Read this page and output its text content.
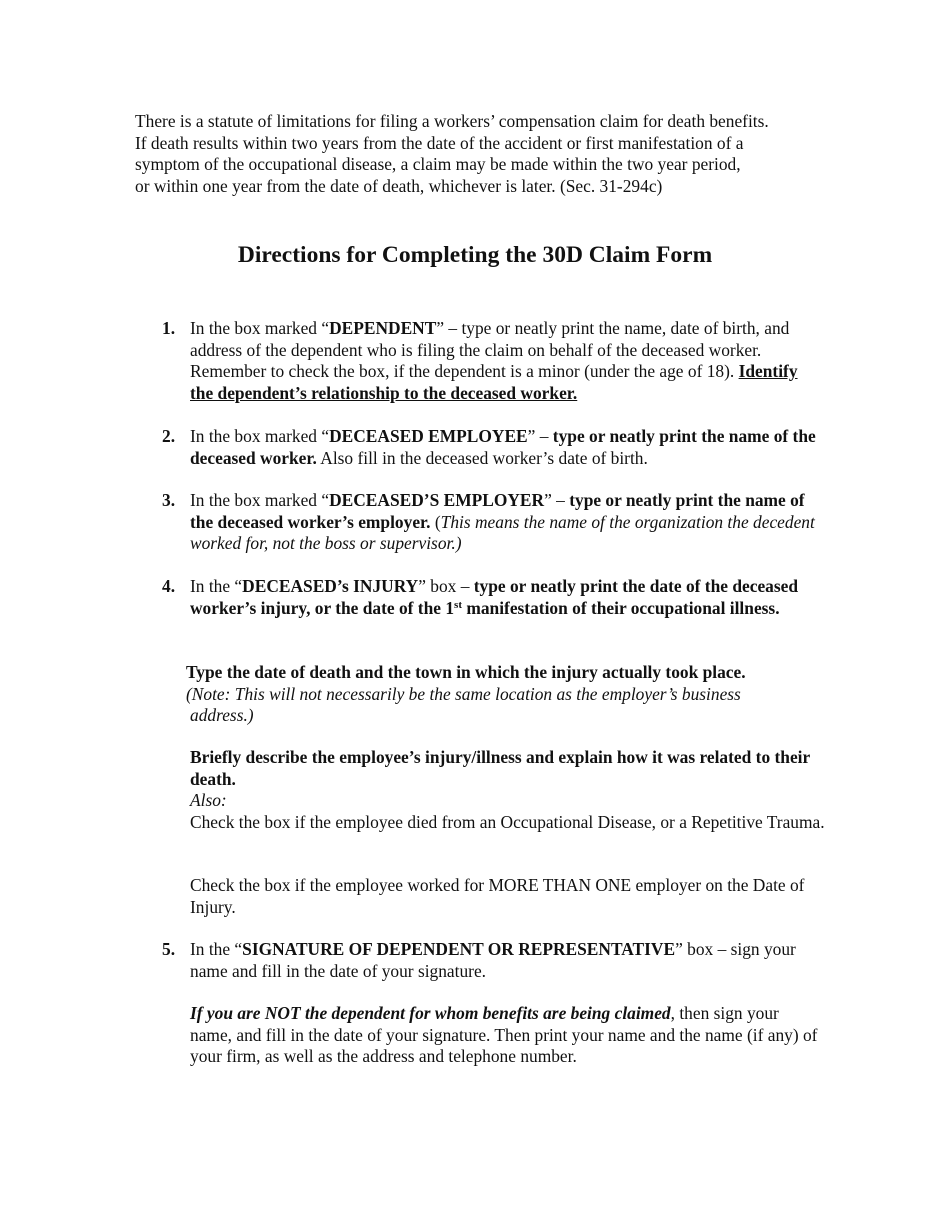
There is a statute of limitations for filing a workers’ compensation claim for death benefits.
If death results within two years from the date of the accident or first manifestation of a
symptom of the occupational disease, a claim may be made within the two year period,
or within one year from the date of death, whichever is later. (Sec. 31-294c)
Directions for Completing the 30D Claim Form
1. In the box marked “DEPENDENT” – type or neatly print the name, date of birth, and address of the dependent who is filing the claim on behalf of the deceased worker. Remember to check the box, if the dependent is a minor (under the age of 18). Identify the dependent’s relationship to the deceased worker.

2. In the box marked “DECEASED EMPLOYEE” – type or neatly print the name of the deceased worker. Also fill in the deceased worker’s date of birth.

3. In the box marked “DECEASED’S EMPLOYER” – type or neatly print the name of the deceased worker’s employer. (This means the name of the organization the decedent worked for, not the boss or supervisor.)

4. In the “DECEASED’s INJURY” box – type or neatly print the date of the deceased worker’s injury, or the date of the 1st manifestation of their occupational illness.

Type the date of death and the town in which the injury actually took place.

(Note: This will not necessarily be the same location as the employer’s business

address.)

Briefly describe the employee’s injury/illness and explain how it was related to their death.

Also:

Check the box if the employee died from an Occupational Disease, or a Repetitive Trauma.

Check the box if the employee worked for MORE THAN ONE employer on the Date of Injury.

5. In the “SIGNATURE OF DEPENDENT OR REPRESENTATIVE” box – sign your name and fill in the date of your signature.

If you are NOT the dependent for whom benefits are being claimed, then sign your name, and fill in the date of your signature. Then print your name and the name (if any) of your firm, as well as the address and telephone number.
